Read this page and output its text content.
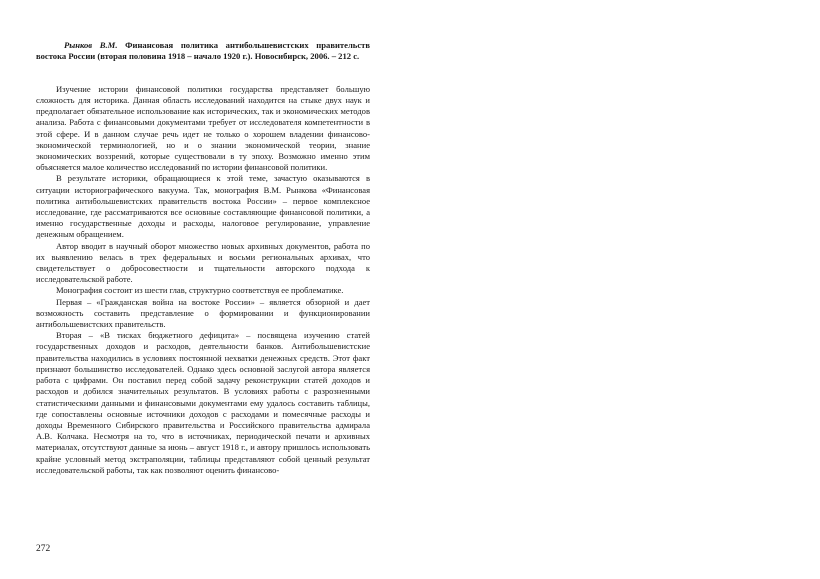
Рынков В.М. Финансовая политика антибольшевистских правительств востока России (вторая половина 1918 – начало 1920 г.). Новосибирск, 2006. – 212 с.

Изучение истории финансовой политики государства представляет большую сложность для историка. Данная область исследований находится на стыке двух наук и предполагает обязательное использование как исторических, так и экономических методов анализа. Работа с финансовыми документами требует от исследователя компетентности в этой сфере. И в данном случае речь идет не только о хорошем владении финансово-экономической терминологией, но и о знании экономической теории, знание экономических воззрений, которые существовали в ту эпоху. Возможно именно этим объясняется малое количество исследований по истории финансовой политики.

В результате историки, обращающиеся к этой теме, зачастую оказываются в ситуации историографического вакуума. Так, монография В.М. Рынкова «Финансовая политика антибольшевистских правительств востока России» – первое комплексное исследование, где рассматриваются все основные составляющие финансовой политики, а именно государственные доходы и расходы, налоговое регулирование, управление денежным обращением.

Автор вводит в научный оборот множество новых архивных документов, работа по их выявлению велась в трех федеральных и восьми региональных архивах, что свидетельствует о добросовестности и тщательности авторского подхода к исследовательской работе.

Монография состоит из шести глав, структурно соответствуя ее проблематике.

Первая – «Гражданская война на востоке России» – является обзорной и дает возможность составить представление о формировании и функционировании антибольшевистских правительств.

Вторая – «В тисках бюджетного дефицита» – посвящена изучению статей государственных доходов и расходов, деятельности банков. Антибольшевистские правительства находились в условиях постоянной нехватки денежных средств. Этот факт признают большинство исследователей. Однако здесь основной заслугой автора является работа с цифрами. Он поставил перед собой задачу реконструкции статей доходов и расходов и добился значительных результатов. В условиях работы с разрозненными статистическими данными и финансовыми документами ему удалось составить таблицы, где сопоставлены основные источники доходов с расходами и помесячные расходы и доходы Временного Сибирского правительства и Российского правительства адмирала А.В. Колчака. Несмотря на то, что в источниках, периодической печати и архивных материалах, отсутствуют данные за июнь – август 1918 г., и автору пришлось использовать крайне условный метод экстраполяции, таблицы представляют собой ценный результат исследовательской работы, так как позволяют оценить финансово-

272
